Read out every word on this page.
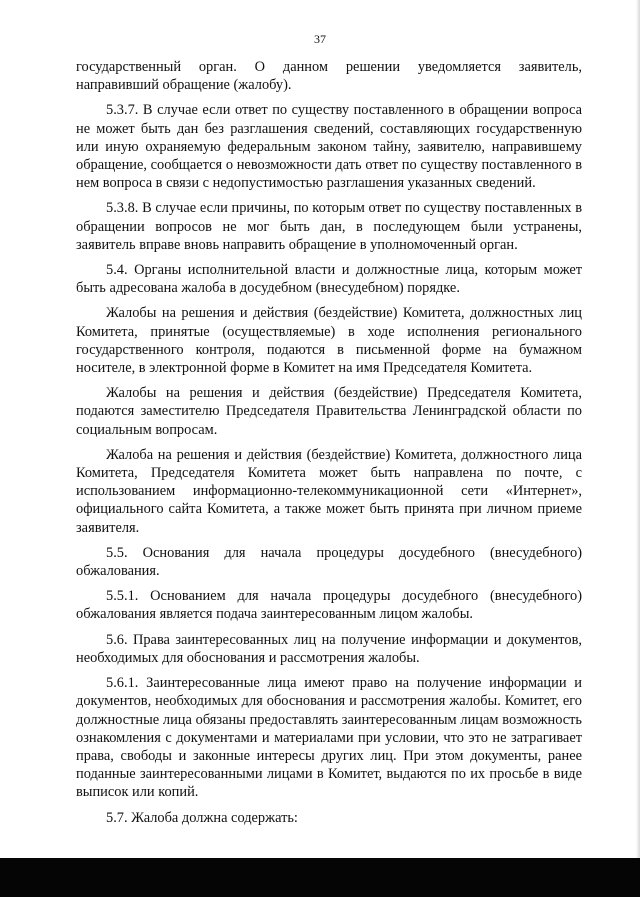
37

государственный орган. О данном решении уведомляется заявитель, направивший обращение (жалобу).

5.3.7. В случае если ответ по существу поставленного в обращении вопроса не может быть дан без разглашения сведений, составляющих государственную или иную охраняемую федеральным законом тайну, заявителю, направившему обращение, сообщается о невозможности дать ответ по существу поставленного в нем вопроса в связи с недопустимостью разглашения указанных сведений.

5.3.8. В случае если причины, по которым ответ по существу поставленных в обращении вопросов не мог быть дан, в последующем были устранены, заявитель вправе вновь направить обращение в уполномоченный орган.

5.4. Органы исполнительной власти и должностные лица, которым может быть адресована жалоба в досудебном (внесудебном) порядке.

Жалобы на решения и действия (бездействие) Комитета, должностных лиц Комитета, принятые (осуществляемые) в ходе исполнения регионального государственного контроля, подаются в письменной форме на бумажном носителе, в электронной форме в Комитет на имя Председателя Комитета.

Жалобы на решения и действия (бездействие) Председателя Комитета, подаются заместителю Председателя Правительства Ленинградской области по социальным вопросам.

Жалоба на решения и действия (бездействие) Комитета, должностного лица Комитета, Председателя Комитета может быть направлена по почте, с использованием информационно-телекоммуникационной сети «Интернет», официального сайта Комитета, а также может быть принята при личном приеме заявителя.

5.5. Основания для начала процедуры досудебного (внесудебного) обжалования.

5.5.1. Основанием для начала процедуры досудебного (внесудебного) обжалования является подача заинтересованным лицом жалобы.

5.6. Права заинтересованных лиц на получение информации и документов, необходимых для обоснования и рассмотрения жалобы.

5.6.1. Заинтересованные лица имеют право на получение информации и документов, необходимых для обоснования и рассмотрения жалобы. Комитет, его должностные лица обязаны предоставлять заинтересованным лицам возможность ознакомления с документами и материалами при условии, что это не затрагивает права, свободы и законные интересы других лиц. При этом документы, ранее поданные заинтересованными лицами в Комитет, выдаются по их просьбе в виде выписок или копий.

5.7. Жалоба должна содержать:
